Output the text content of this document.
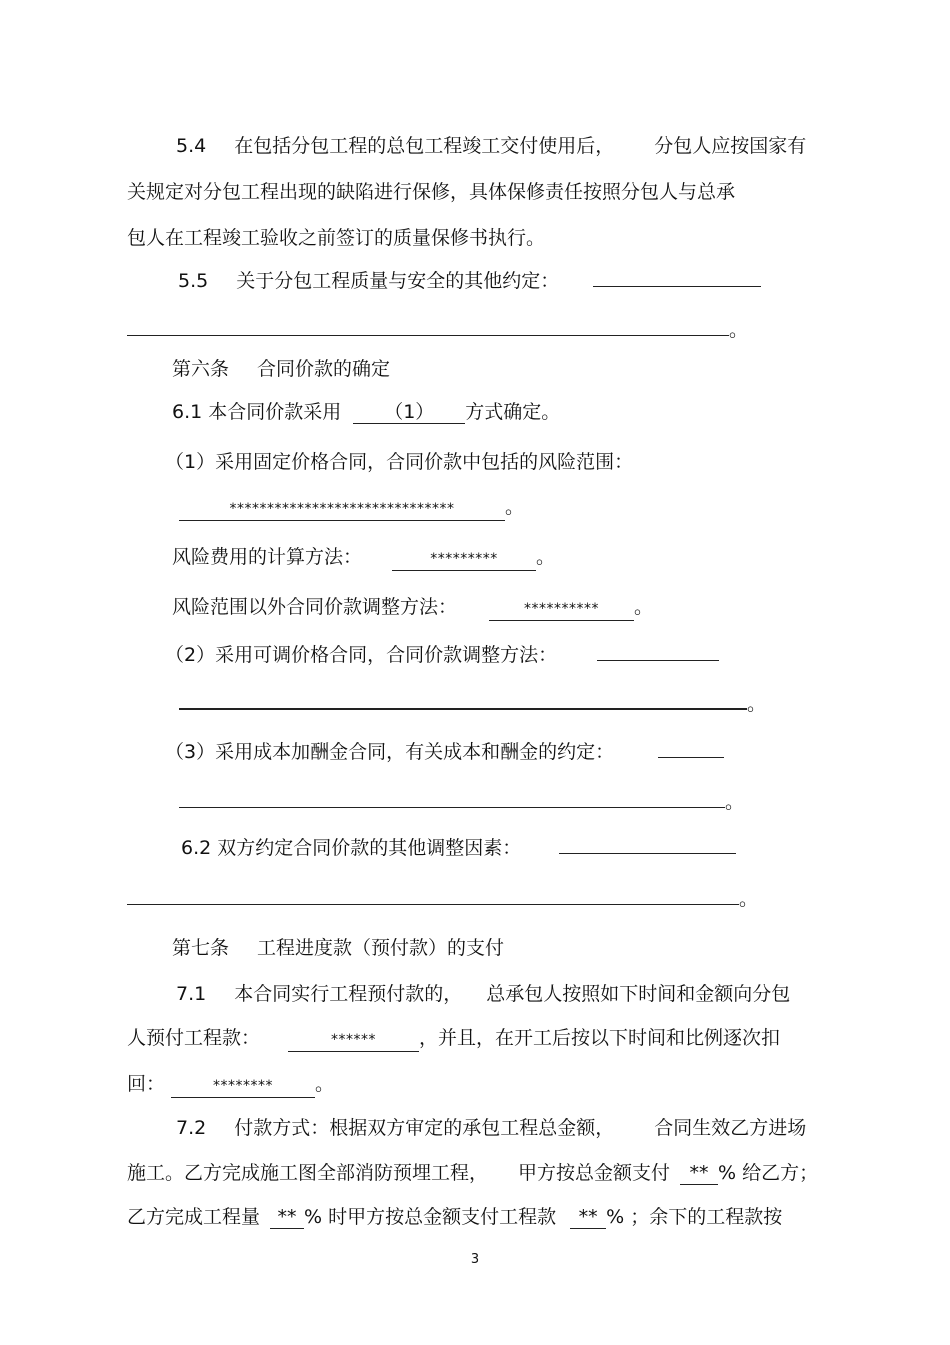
5.4 在包括分包工程的总包工程竣工交付使用后， 分包人应按国家有
关规定对分包工程出现的缺陷进行保修，具体保修责任按照分包人与总承
包人在工程竣工验收之前签订的质量保修书执行。
5.5 关于分包工程质量与安全的其他约定：
。
第六条 合同价款的确定
6.1 本合同价款采用 （1） 方式确定。
（1）采用固定价格合同，合同价款中包括的风险范围：
******************************	。
风险费用的计算方法：	********* 。
风险范围以外合同价款调整方法：	********** 。
（2）采用可调价格合同，合同价款调整方法：
。
（3）采用成本加酬金合同，有关成本和酬金的约定：
。
6.2 双方约定合同价款的其他调整因素：
。
第七条 工程进度款（预付款）的支付
7.1 本合同实行工程预付款的， 总承包人按照如下时间和金额向分包
人预付工程款：	****** ，并且，在开工后按以下时间和比例逐次扣
回：	******** 。
7.2 付款方式：根据双方审定的承包工程总金额， 合同生效乙方进场
施工。乙方完成施工图全部消防预埋工程， 甲方按总金额支付 ** % 给乙方；
乙方完成工程量 ** % 时甲方按总金额支付工程款 ** % ；余下的工程款按
3
